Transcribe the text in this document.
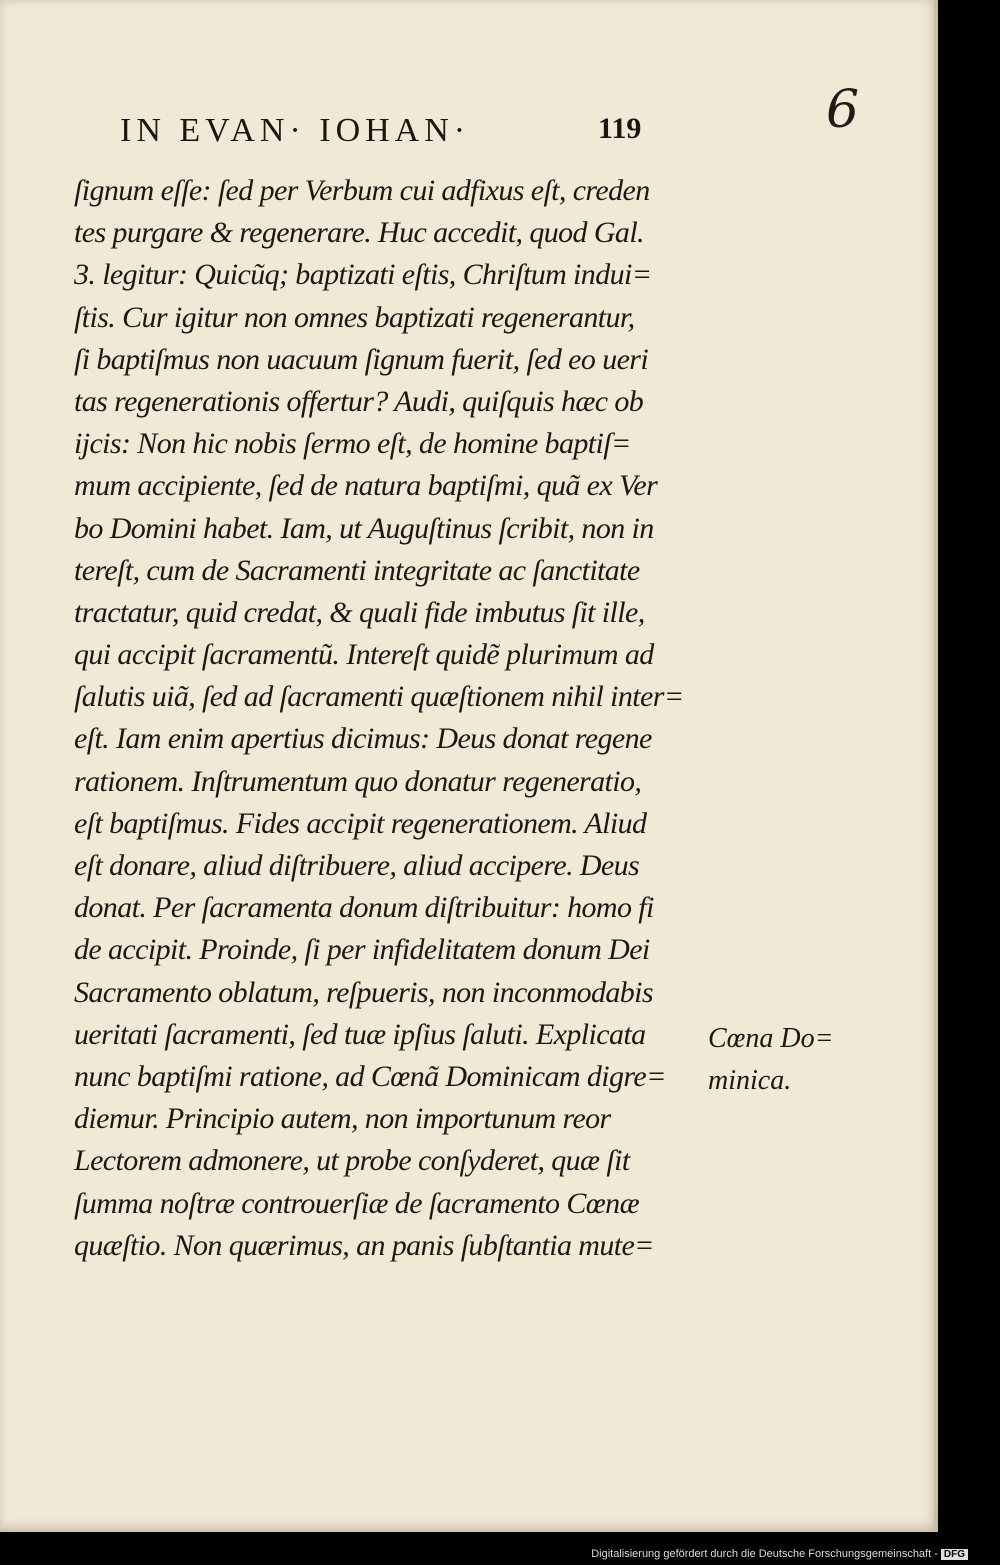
IN EVAN· IOHAN·	119	6
ſignum eſſe: ſed per Verbum cui adfixus eſt, creden
tes purgare & regenerare. Huc accedit, quod Gal.
3. legitur: Quicũq; baptizati eſtis, Chriſtum indui=
ſtis. Cur igitur non omnes baptizati regenerantur,
ſi baptiſmus non uacuum ſignum fuerit, ſed eo ueri
tas regenerationis offertur? Audi, quiſquis hæc ob
ijcis: Non hic nobis ſermo eſt, de homine baptiſ=
mum accipiente, ſed de natura baptiſmi, quã ex Ver
bo Domini habet. Iam, ut Auguſtinus ſcribit, non in
tereſt, cum de Sacramenti integritate ac ſanctitate
tractatur, quid credat, & quali fide imbutus ſit ille,
qui accipit ſacramentũ. Intereſt quidẽ plurimum ad
ſalutis uiã, ſed ad ſacramenti quæſtionem nihil inter=
eſt. Iam enim apertius dicimus: Deus donat regene
rationem. Inſtrumentum quo donatur regeneratio,
eſt baptiſmus. Fides accipit regenerationem. Aliud
eſt donare, aliud diſtribuere, aliud accipere. Deus
donat. Per ſacramenta donum diſtribuitur: homo fi
de accipit. Proinde, ſi per infidelitatem donum Dei
Sacramento oblatum, reſpueris, non inconmodabis
ueritati ſacramenti, ſed tuæ ipſius ſaluti. Explicata
nunc baptiſmi ratione, ad Cœnã Dominicam digre=
diemur. Principio autem, non importunum reor
Lectorem admonere, ut probe conſyderet, quæ ſit
ſumma noſtræ controuerſiæ de ſacramento Cœnæ
quæſtio. Non quærimus, an panis ſubſtantia mute=
Cœna Do=
minica.
Digitalisierung gefördert durch die Deutsche Forschungsgemeinschaft - DFG
